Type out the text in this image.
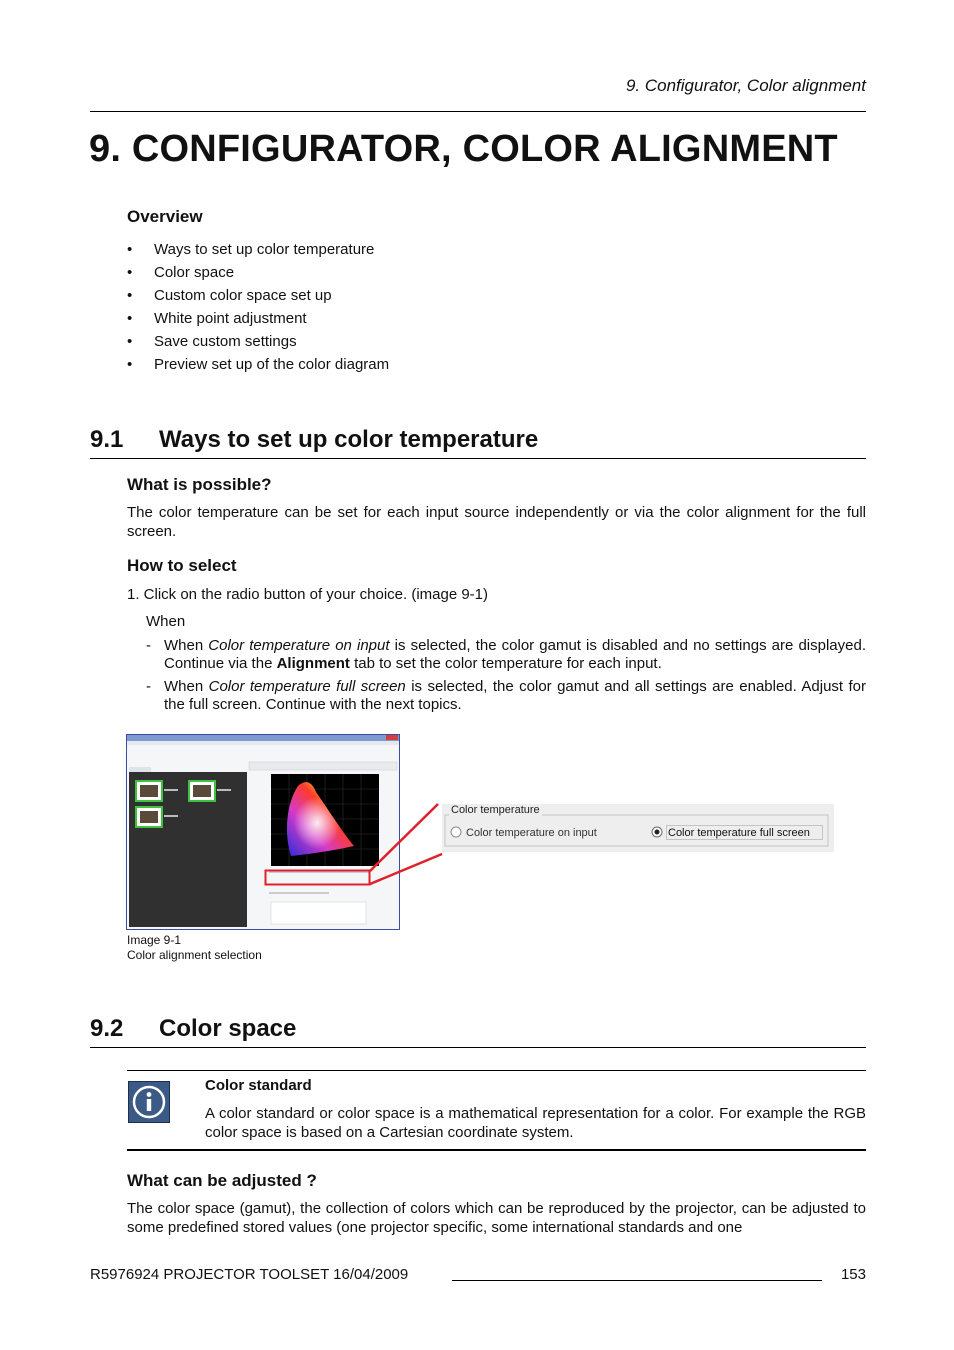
9. Configurator, Color alignment
9. CONFIGURATOR, COLOR ALIGNMENT
Overview
• Ways to set up color temperature
• Color space
• Custom color space set up
• White point adjustment
• Save custom settings
• Preview set up of the color diagram
9.1 Ways to set up color temperature
What is possible?
The color temperature can be set for each input source independently or via the color alignment for the full screen.
How to select
1. Click on the radio button of your choice. (image 9-1)
When
- When Color temperature on input is selected, the color gamut is disabled and no settings are displayed. Continue via the Alignment tab to set the color temperature for each input.
- When Color temperature full screen is selected, the color gamut and all settings are enabled. Adjust for the full screen. Continue with the next topics.
Color temperature
Color temperature on input	Color temperature full screen
Image 9-1
Color alignment selection
9.2 Color space
Color standard
A color standard or color space is a mathematical representation for a color. For example the RGB color space is based on a Cartesian coordinate system.
What can be adjusted ?
The color space (gamut), the collection of colors which can be reproduced by the projector, can be adjusted to some predefined stored values (one projector specific, some international standards and one
R5976924 PROJECTOR TOOLSET 16/04/2009	153
